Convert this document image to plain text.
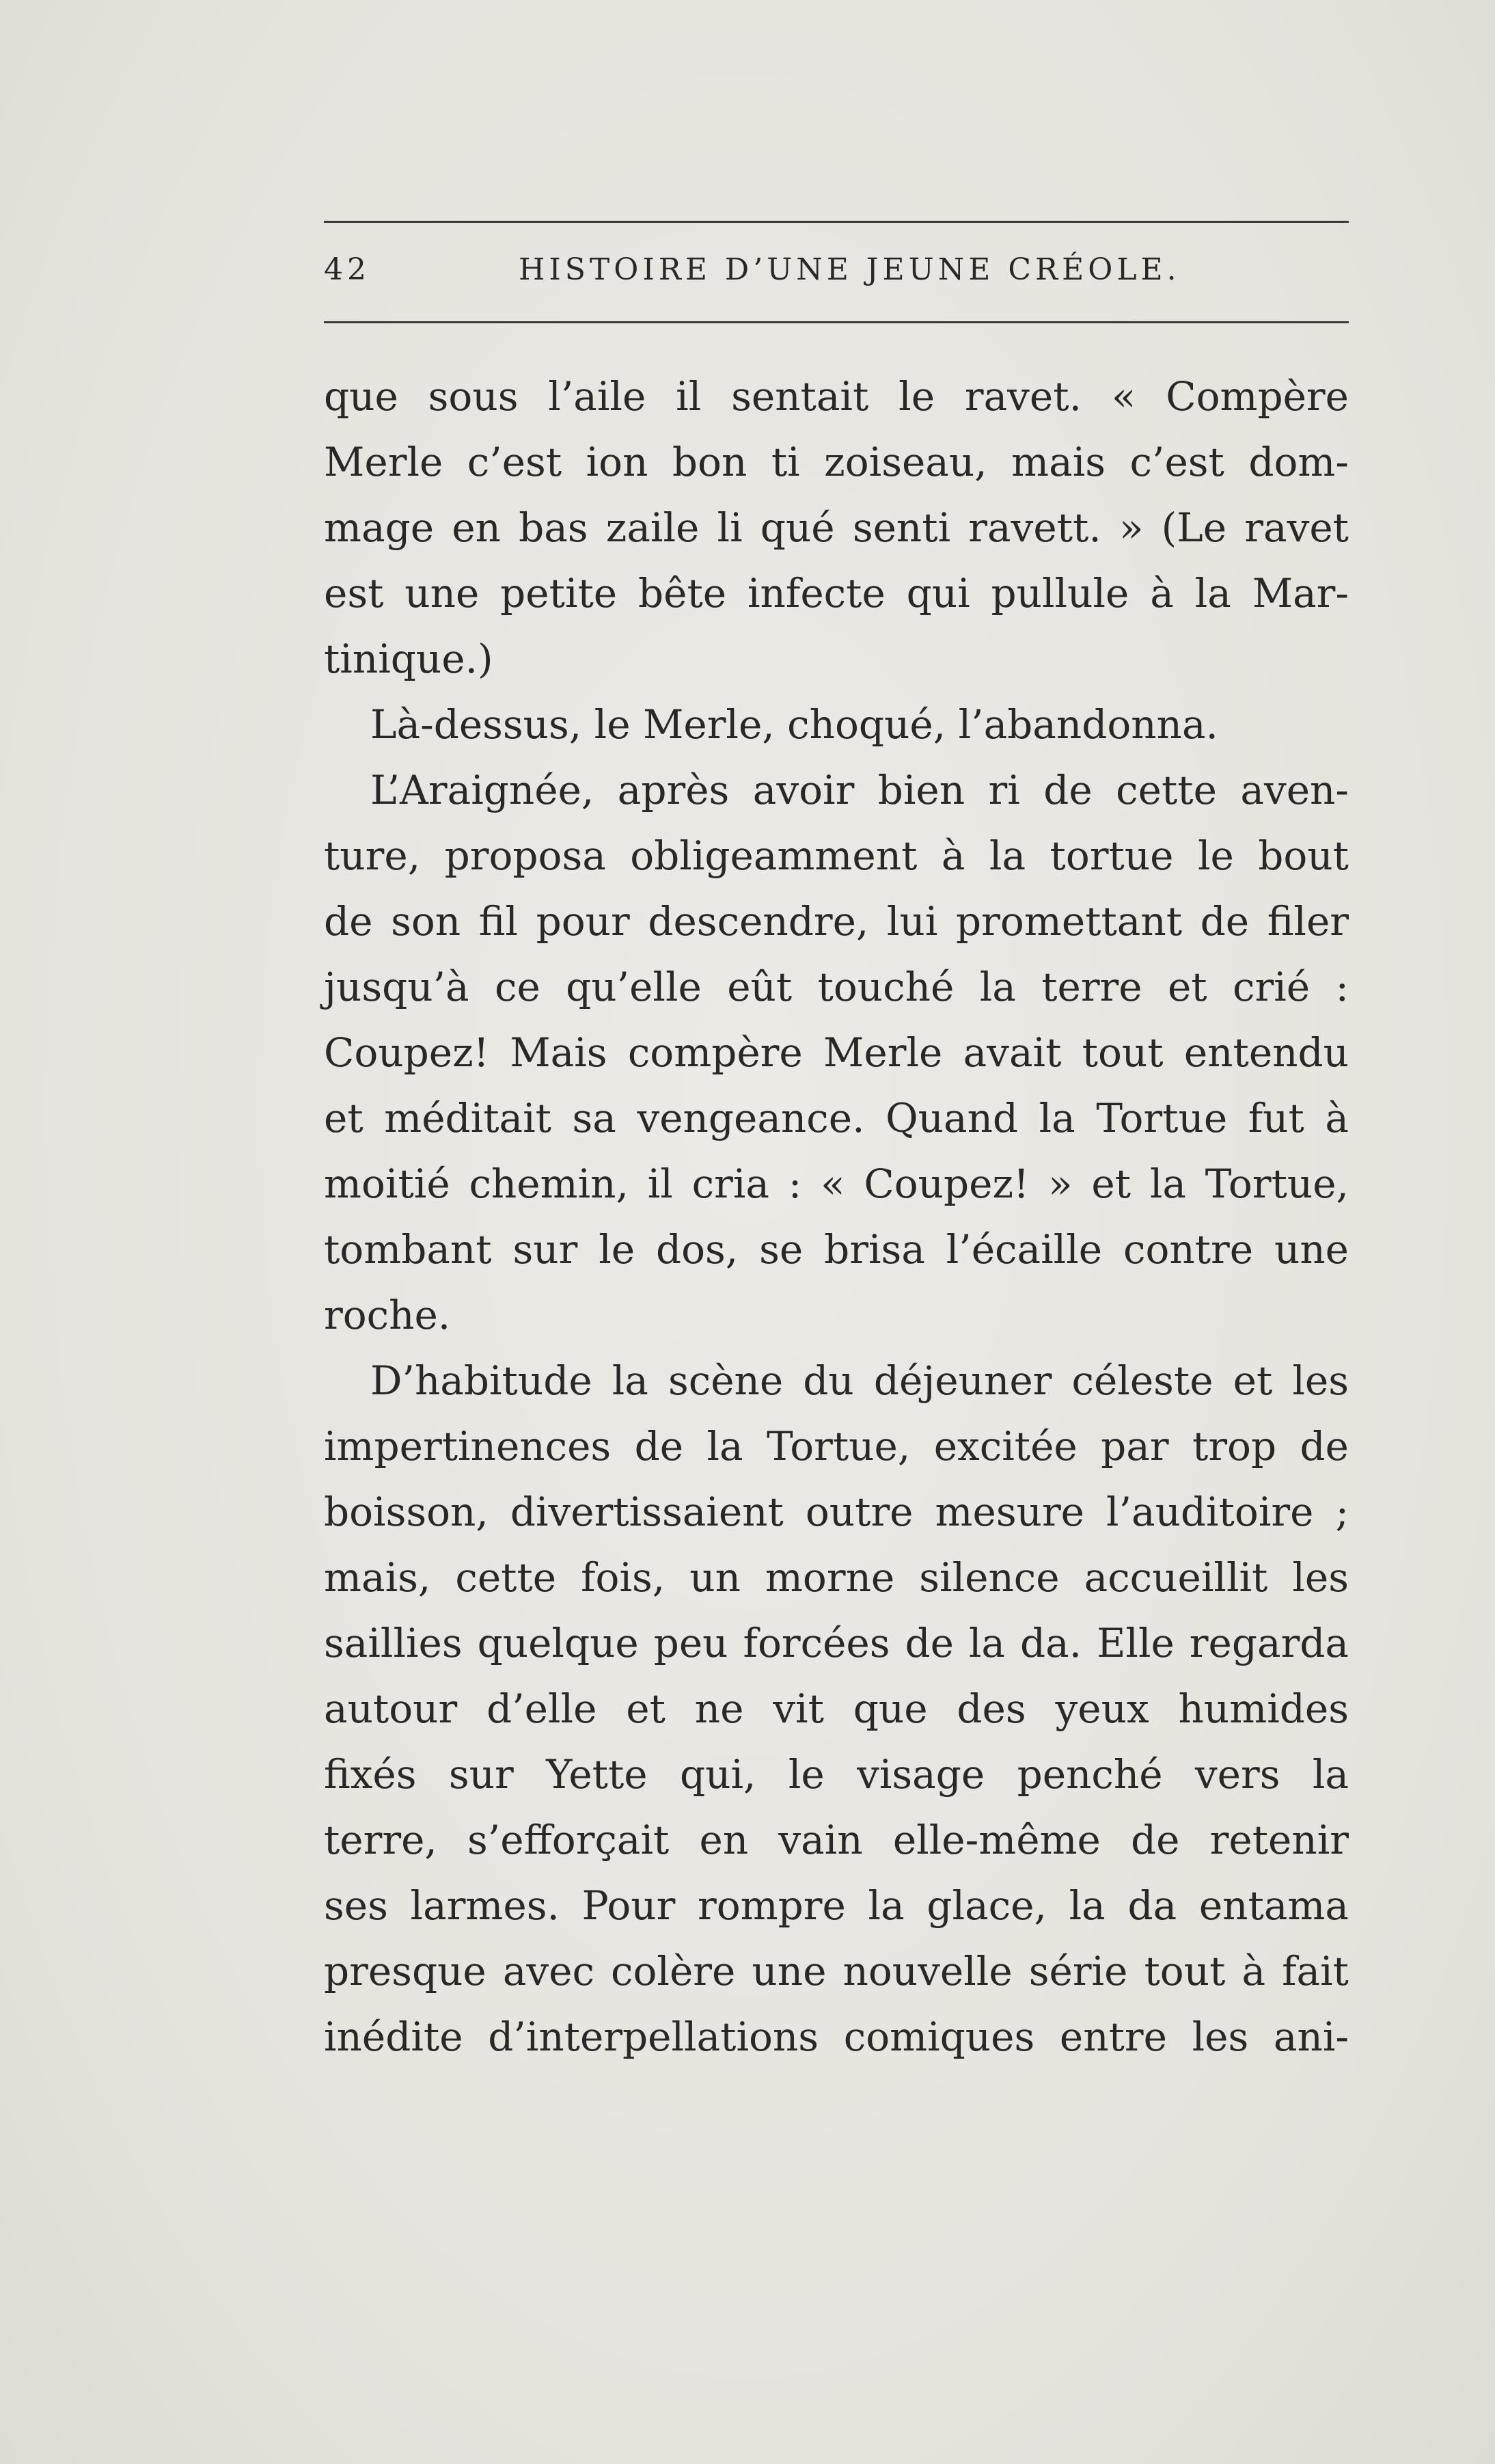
42	HISTOIRE D’UNE JEUNE CRÉOLE.
que sous l’aile il sentait le ravet. « Compère
Merle c’est ion bon ti zoiseau, mais c’est dom-
mage en bas zaile li qué senti ravett. » (Le ravet
est une petite bête infecte qui pullule à la Mar-
tinique.)
Là-dessus, le Merle, choqué, l’abandonna.
L’Araignée, après avoir bien ri de cette aven-
ture, proposa obligeamment à la tortue le bout
de son fil pour descendre, lui promettant de filer
jusqu’à ce qu’elle eût touché la terre et crié :
Coupez! Mais compère Merle avait tout entendu
et méditait sa vengeance. Quand la Tortue fut à
moitié chemin, il cria : « Coupez! » et la Tortue,
tombant sur le dos, se brisa l’écaille contre une
roche.
D’habitude la scène du déjeuner céleste et les
impertinences de la Tortue, excitée par trop de
boisson, divertissaient outre mesure l’auditoire ;
mais, cette fois, un morne silence accueillit les
saillies quelque peu forcées de la da. Elle regarda
autour d’elle et ne vit que des yeux humides
fixés sur Yette qui, le visage penché vers la
terre, s’efforçait en vain elle-même de retenir
ses larmes. Pour rompre la glace, la da entama
presque avec colère une nouvelle série tout à fait
inédite d’interpellations comiques entre les ani-
